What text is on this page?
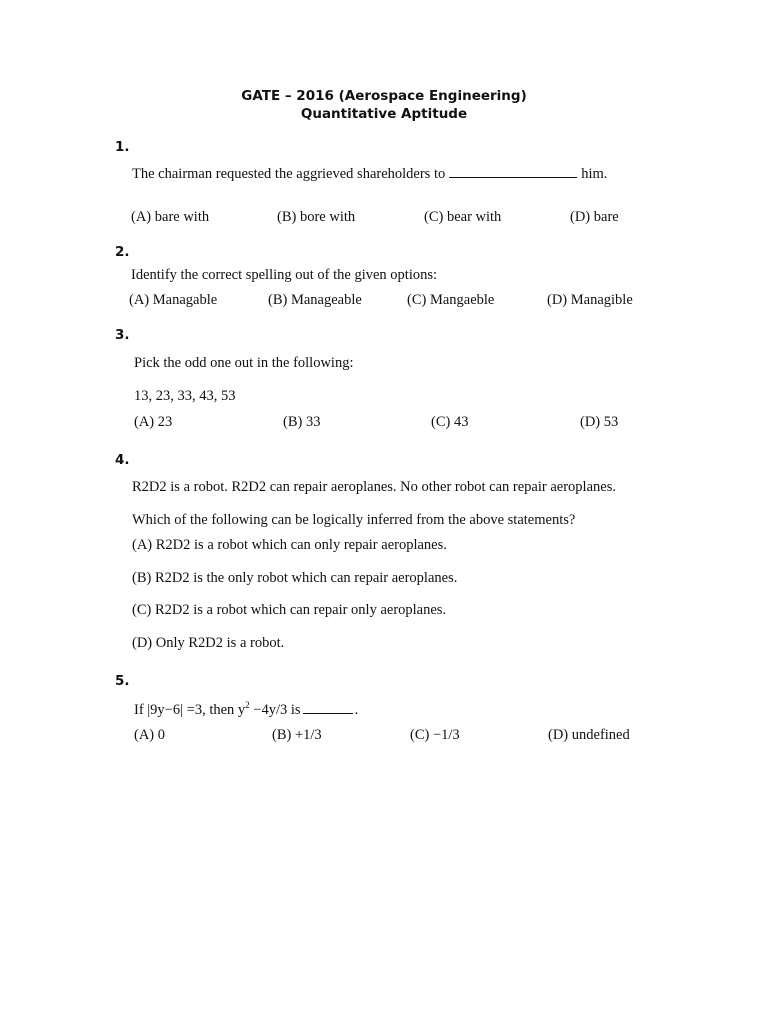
GATE – 2016 (Aerospace Engineering)
Quantitative Aptitude
1.
The chairman requested the aggrieved shareholders to	him.
(A) bare with	(B) bore with	(C) bear with	(D) bare
2.
Identify the correct spelling out of the given options:
(A) Managable	(B) Manageable	(C) Mangaeble	(D) Managible
3.
Pick the odd one out in the following:
13, 23, 33, 43, 53
(A) 23	(B) 33	(C) 43	(D) 53
4.
R2D2 is a robot. R2D2 can repair aeroplanes. No other robot can repair aeroplanes.
Which of the following can be logically inferred from the above statements?
(A) R2D2 is a robot which can only repair aeroplanes.
(B) R2D2 is the only robot which can repair aeroplanes.
(C) R2D2 is a robot which can repair only aeroplanes.
(D) Only R2D2 is a robot.
5.
If |9y−6| =3, then $y^2 -4y/3$ is	.
(A) 0	(B) +1/3	(C) −1/3	(D) undefined
